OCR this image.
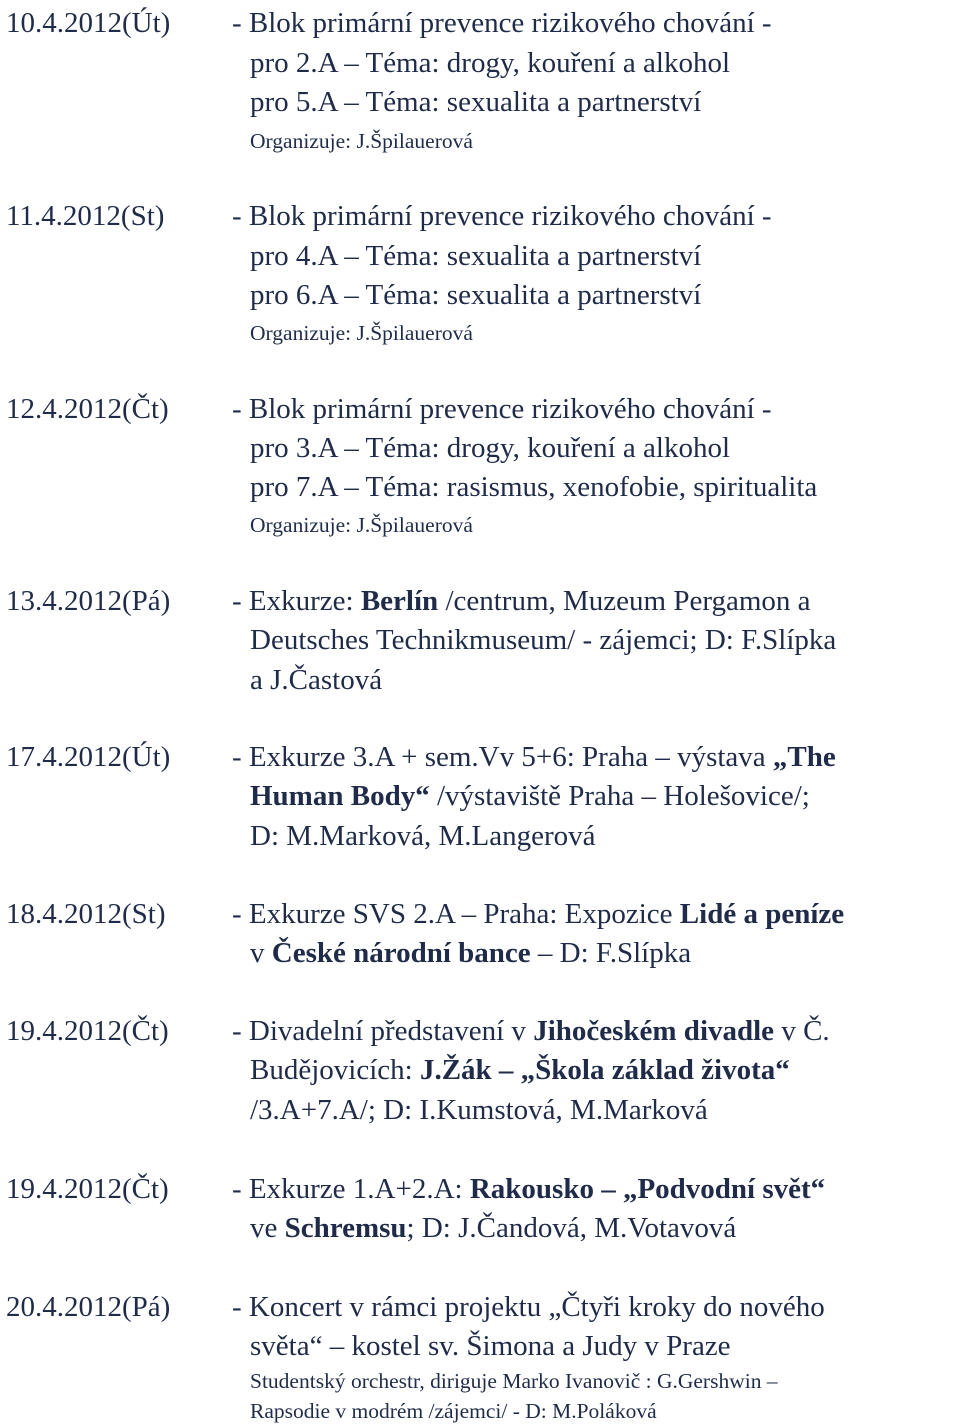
10.4.2012(Út) - Blok primární prevence rizikového chování -
pro 2.A – Téma: drogy, kouření a alkohol
pro 5.A – Téma: sexualita a partnerství
Organizuje: J.Špilauerová
11.4.2012(St) - Blok primární prevence rizikového chování -
pro 4.A – Téma: sexualita a partnerství
pro 6.A – Téma: sexualita a partnerství
Organizuje: J.Špilauerová
12.4.2012(Čt) - Blok primární prevence rizikového chování -
pro 3.A – Téma: drogy, kouření a alkohol
pro 7.A – Téma: rasismus, xenofobie, spiritualita
Organizuje: J.Špilauerová
13.4.2012(Pá) - Exkurze: Berlín /centrum, Muzeum Pergamon a
Deutsches Technikmuseum/ - zájemci; D: F.Slípka
a J.Častová
17.4.2012(Út) - Exkurze 3.A + sem.Vv 5+6: Praha – výstava „The
Human Body“ /výstaviště Praha – Holešovice/;
D: M.Marková, M.Langerová
18.4.2012(St) - Exkurze SVS 2.A – Praha: Expozice Lidé a peníze
v České národní bance – D: F.Slípka
19.4.2012(Čt) - Divadelní představení v Jihočeském divadle v Č.
Budějovicích: J.Žák – „Škola základ života“
/3.A+7.A/; D: I.Kumstová, M.Marková
19.4.2012(Čt) - Exkurze 1.A+2.A: Rakousko – „Podvodní svět“
ve Schremsu; D: J.Čandová, M.Votavová
20.4.2012(Pá) - Koncert v rámci projektu „Čtyři kroky do nového
světa“ – kostel sv. Šimona a Judy v Praze
Studentský orchestr, diriguje Marko Ivanovič : G.Gershwin –
Rapsodie v modrém /zájemci/ - D: M.Poláková
